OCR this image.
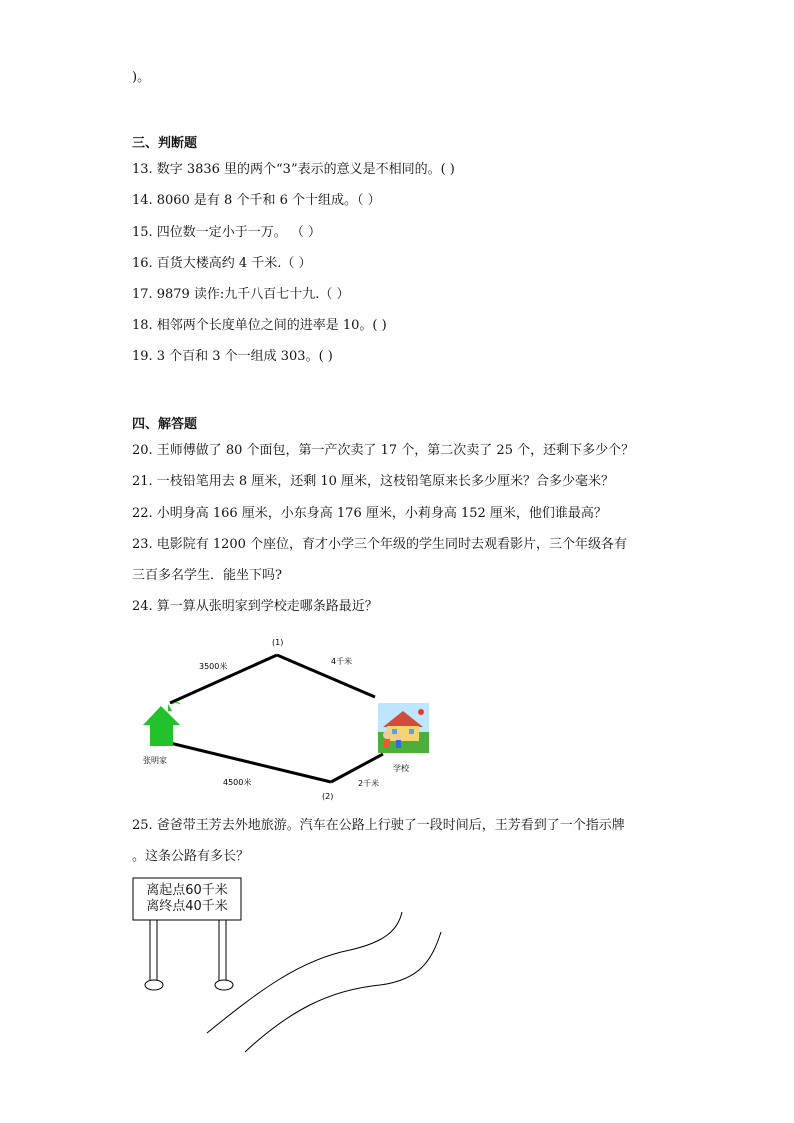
)。
三、判断题
13. 数字 3836 里的两个“3”表示的意义是不相同的。( )
14. 8060 是有 8 个千和 6 个十组成。（ ）
15. 四位数一定小于一万。 （ ）
16. 百货大楼高约 4 千米.（ ）
17. 9879 读作:九千八百七十九.（ ）
18. 相邻两个长度单位之间的进率是 10。( )
19. 3 个百和 3 个一组成 303。( )
四、解答题
20. 王师傅做了 80 个面包，第一产次卖了 17 个，第二次卖了 25 个，还剩下多少个？
21. 一枝铅笔用去 8 厘米，还剩 10 厘米，这枝铅笔原来长多少厘米？合多少毫米？
22. 小明身高 166 厘米，小东身高 176 厘米，小莉身高 152 厘米，他们谁最高？
23. 电影院有 1200 个座位，育才小学三个年级的学生同时去观看影片，三个年级各有
三百多名学生．能坐下吗?
24. 算一算从张明家到学校走哪条路最近？
(1)
(2)
3500米
4千米
4500米	2千米
张明家
学校
离起点60千米
离终点40千米
25. 爸爸带王芳去外地旅游。汽车在公路上行驶了一段时间后，王芳看到了一个指示牌
。这条公路有多长？
